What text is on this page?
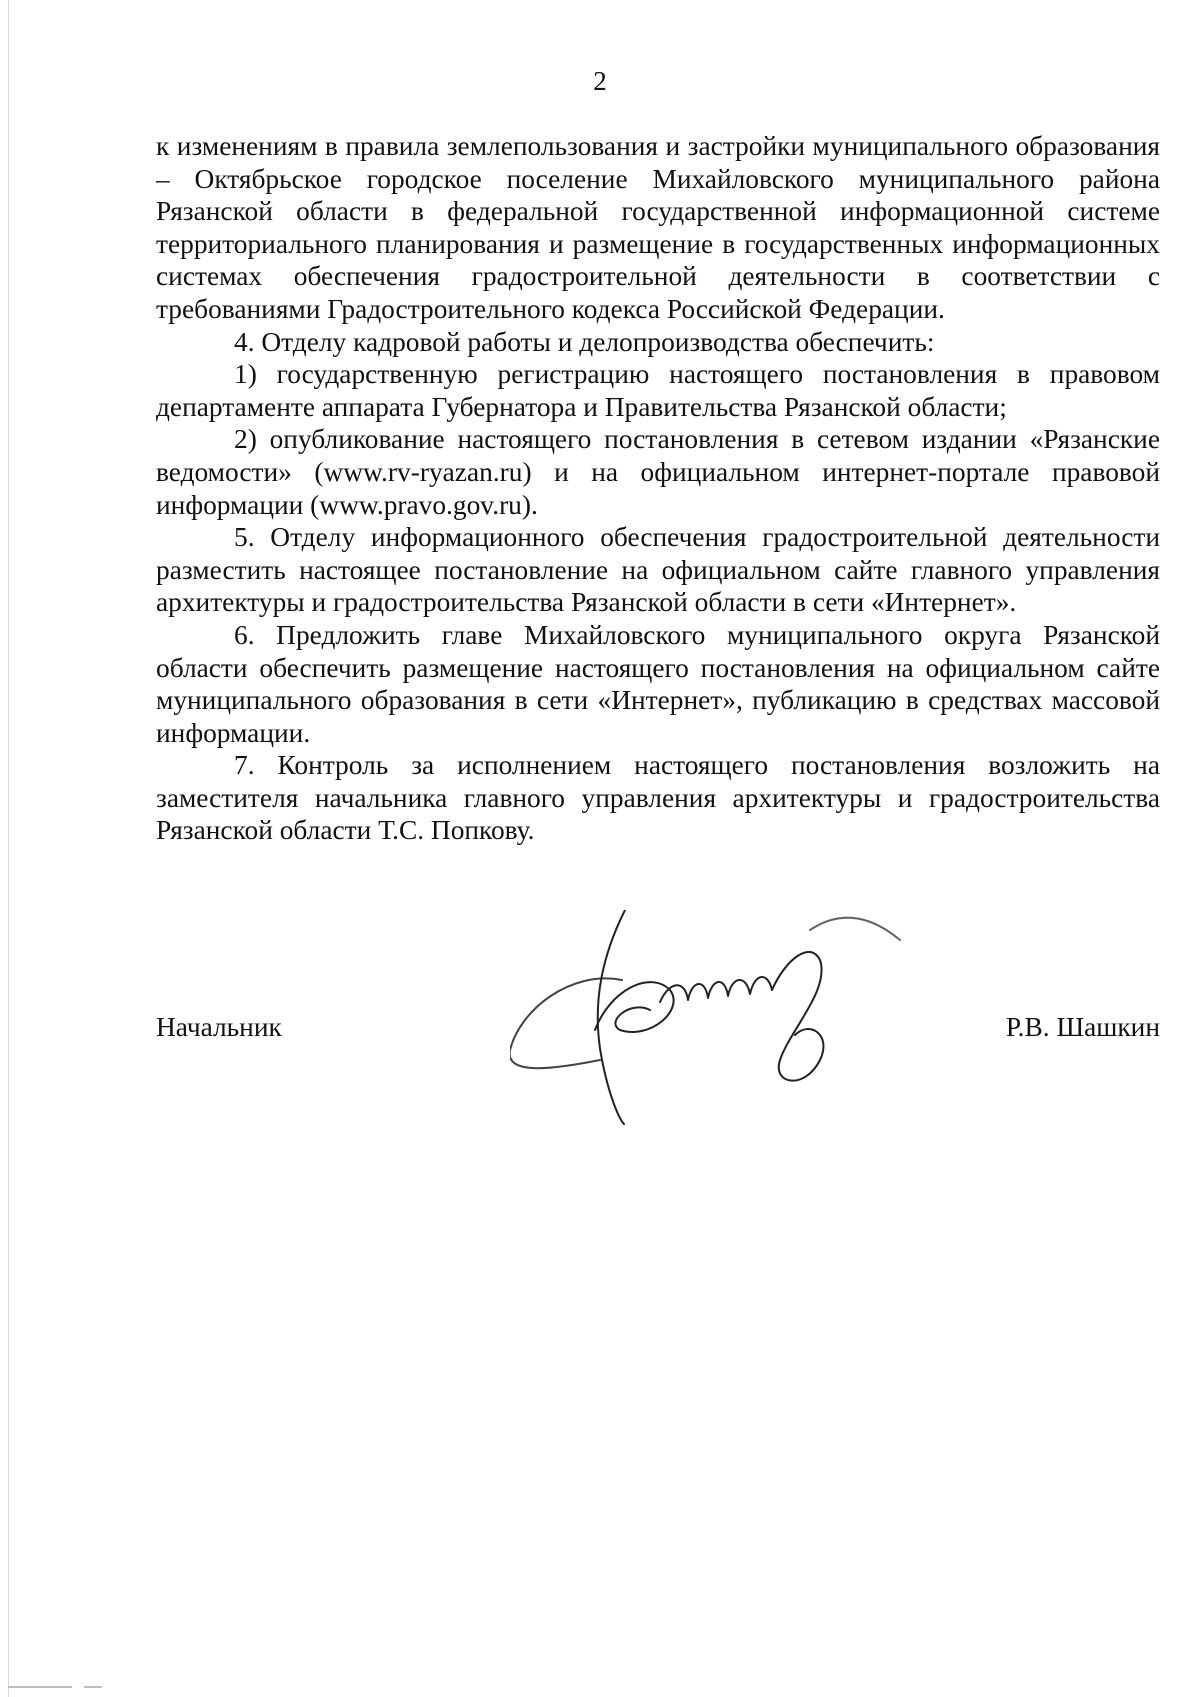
2

к изменениям в правила землепользования и застройки муниципального образования – Октябрьское городское поселение Михайловского муниципального района Рязанской области в федеральной государственной информационной системе территориального планирования и размещение в государственных информационных системах обеспечения градостроительной деятельности в соответствии с требованиями Градостроительного кодекса Российской Федерации.

4. Отделу кадровой работы и делопроизводства обеспечить:

1) государственную регистрацию настоящего постановления в правовом департаменте аппарата Губернатора и Правительства Рязанской области;

2) опубликование настоящего постановления в сетевом издании «Рязанские ведомости» (www.rv-ryazan.ru) и на официальном интернет-портале правовой информации (www.pravo.gov.ru).

5. Отделу информационного обеспечения градостроительной деятельности разместить настоящее постановление на официальном сайте главного управления архитектуры и градостроительства Рязанской области в сети «Интернет».

6. Предложить главе Михайловского муниципального округа Рязанской области обеспечить размещение настоящего постановления на официальном сайте муниципального образования в сети «Интернет», публикацию в средствах массовой информации.

7. Контроль за исполнением настоящего постановления возложить на заместителя начальника главного управления архитектуры и градостроительства Рязанской области Т.С. Попкову.

Начальник	Р.В. Шашкин
